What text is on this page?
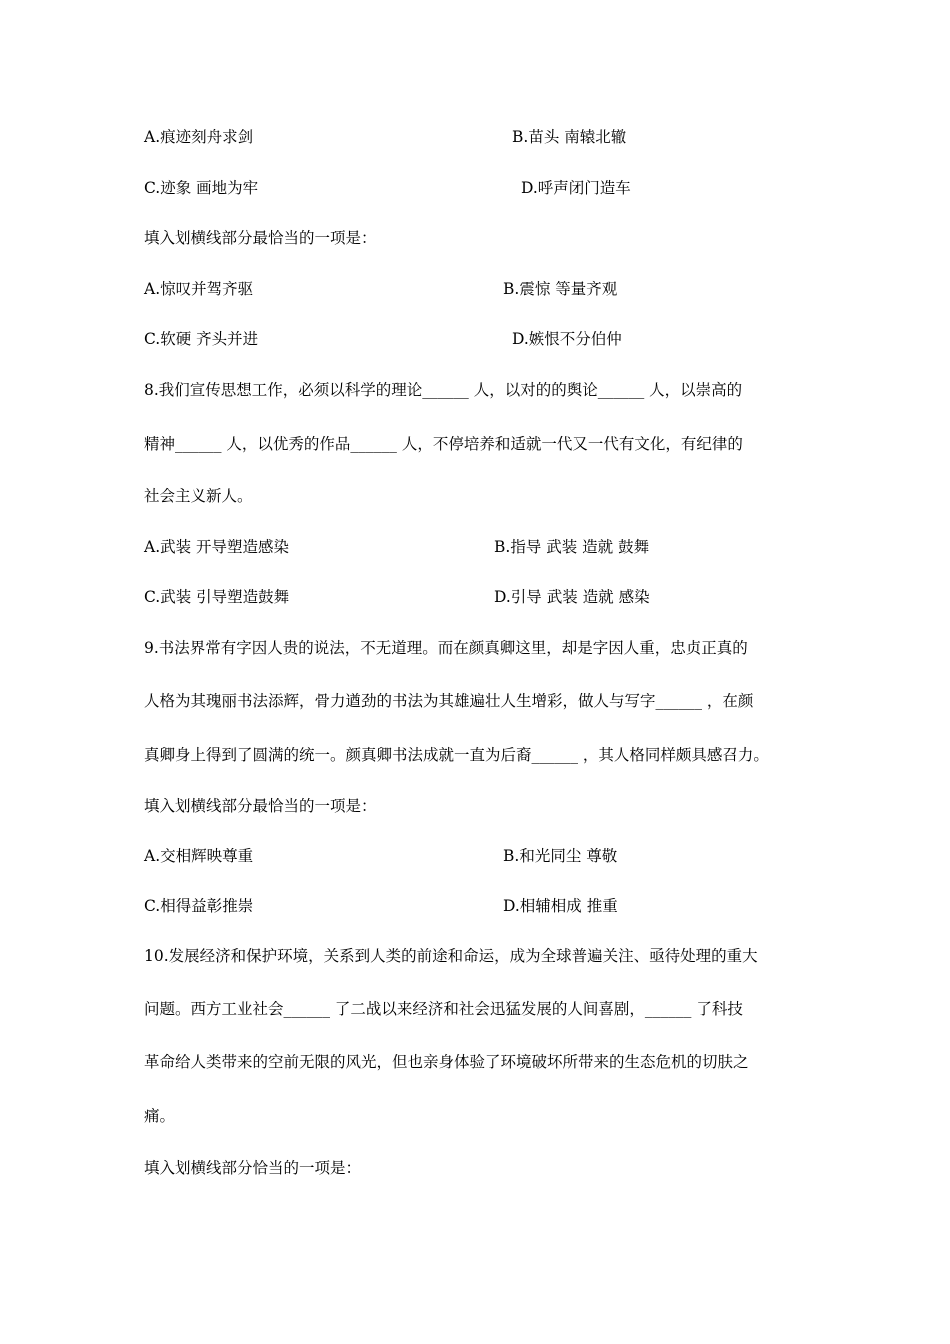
A.痕迹刻舟求剑	B.苗头 南辕北辙
C.迹象 画地为牢	D.呼声闭门造车
填入划横线部分最恰当的一项是：
A.惊叹并驾齐驱	B.震惊 等量齐观
C.软硬 齐头并进	D.嫉恨不分伯仲
8.我们宣传思想工作，必须以科学的理论______ 人，以对的的舆论______ 人，以崇高的
精神______ 人，以优秀的作品______ 人，不停培养和适就一代又一代有文化，有纪律的
社会主义新人。
A.武装 开导塑造感染	B.指导 武装 造就 鼓舞
C.武装 引导塑造鼓舞	D.引导 武装 造就 感染
9.书法界常有字因人贵的说法，不无道理。而在颜真卿这里，却是字因人重，忠贞正真的
人格为其瑰丽书法添辉，骨力遒劲的书法为其雄遍壮人生增彩，做人与写字______ ，在颜
真卿身上得到了圆满的统一。颜真卿书法成就一直为后裔______ ，其人格同样颇具感召力。
填入划横线部分最恰当的一项是：
A.交相辉映尊重	B.和光同尘 尊敬
C.相得益彰推崇	D.相辅相成 推重
10.发展经济和保护环境，关系到人类的前途和命运，成为全球普遍关注、亟待处理的重大
问题。西方工业社会______ 了二战以来经济和社会迅猛发展的人间喜剧，______ 了科技
革命给人类带来的空前无限的风光，但也亲身体验了环境破坏所带来的生态危机的切肤之
痛。
填入划横线部分恰当的一项是：
